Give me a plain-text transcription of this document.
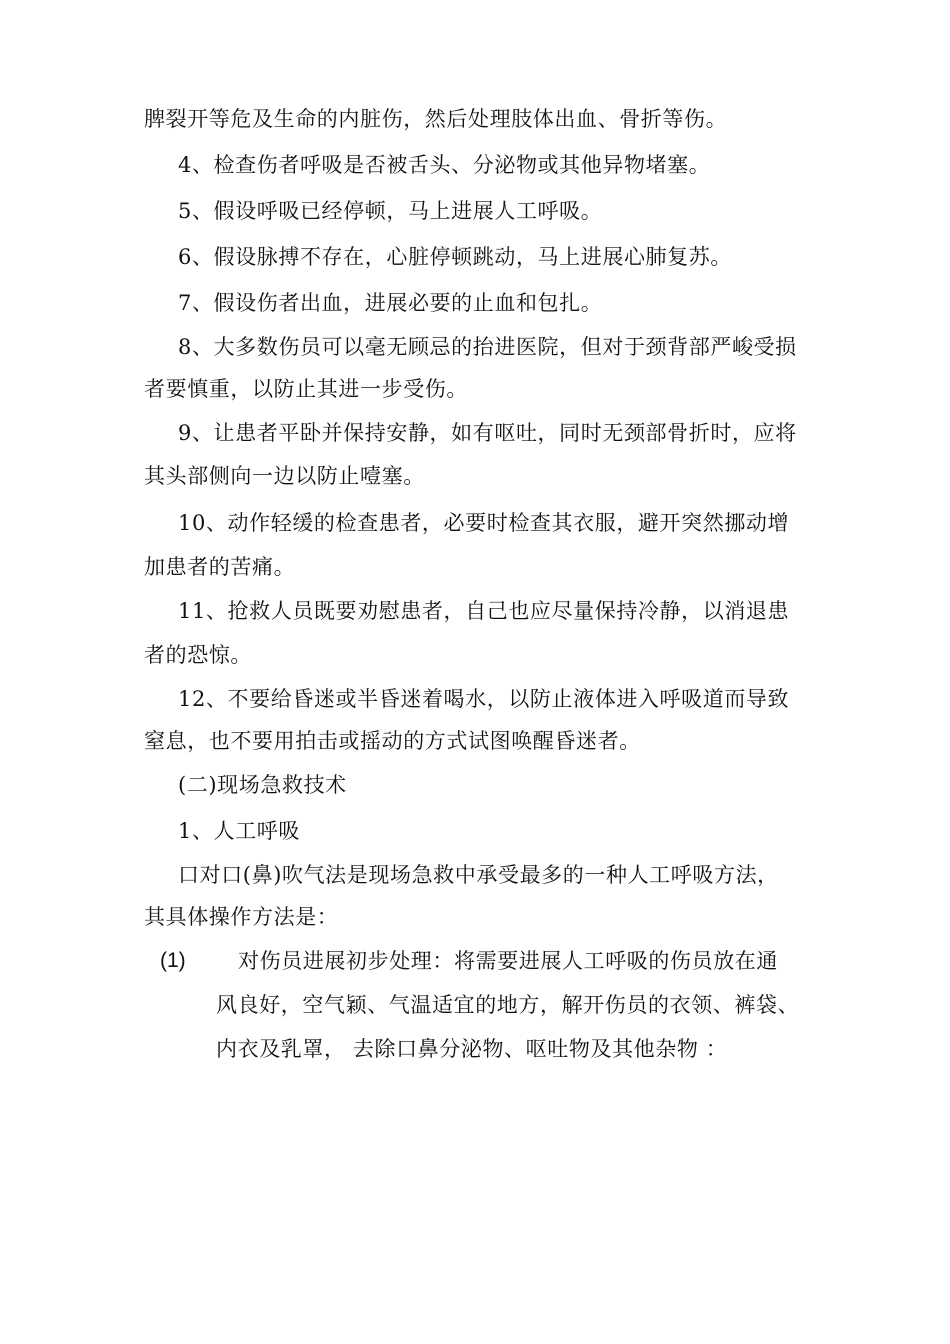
脾裂开等危及生命的内脏伤，然后处理肢体出血、骨折等伤。
4、检查伤者呼吸是否被舌头、分泌物或其他异物堵塞。
5、假设呼吸已经停顿，马上进展人工呼吸。
6、假设脉搏不存在，心脏停顿跳动，马上进展心肺复苏。
7、假设伤者出血，进展必要的止血和包扎。
8、大多数伤员可以毫无顾忌的抬进医院，但对于颈背部严峻受损
者要慎重，以防止其进一步受伤。
9、让患者平卧并保持安静，如有呕吐，同时无颈部骨折时，应将
其头部侧向一边以防止噎塞。
10、动作轻缓的检查患者，必要时检查其衣服，避开突然挪动增
加患者的苦痛。
11、抢救人员既要劝慰患者，自己也应尽量保持冷静，以消退患
者的恐惊。
12、不要给昏迷或半昏迷着喝水，以防止液体进入呼吸道而导致
窒息，也不要用拍击或摇动的方式试图唤醒昏迷者。
(二)现场急救技术
1、人工呼吸
口对口(鼻)吹气法是现场急救中承受最多的一种人工呼吸方法，
其具体操作方法是：
(1) 对伤员进展初步处理：将需要进展人工呼吸的伤员放在通
风良好，空气颖、气温适宜的地方，解开伤员的衣领、裤袋、
内衣及乳罩， 去除口鼻分泌物、呕吐物及其他杂物 ：
